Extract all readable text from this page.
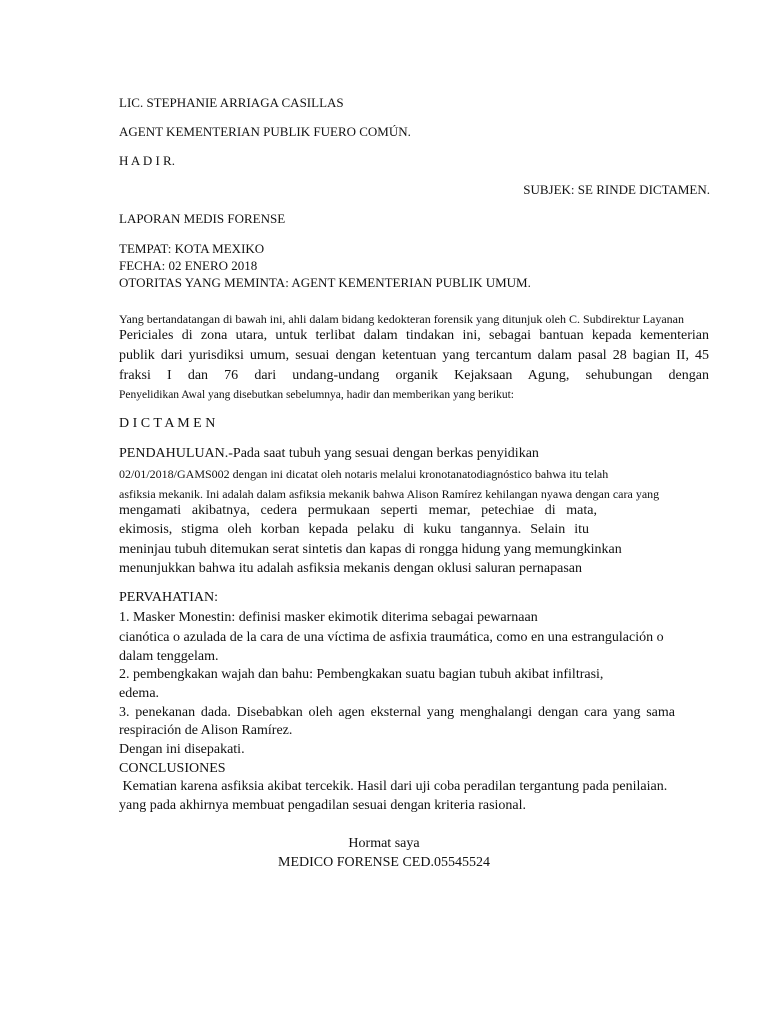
LIC. STEPHANIE ARRIAGA CASILLAS
AGENT KEMENTERIAN PUBLIK FUERO COMÚN.
H A D I R.
SUBJEK: SE RINDE DICTAMEN.
LAPORAN MEDIS FORENSE
TEMPAT: KOTA MEXIKO
FECHA: 02 ENERO 2018
OTORITAS YANG MEMINTA: AGENT KEMENTERIAN PUBLIK UMUM.
Yang bertandatangan di bawah ini, ahli dalam bidang kedokteran forensik yang ditunjuk oleh C. Subdirektur Layanan
Periciales di zona utara, untuk terlibat dalam tindakan ini, sebagai bantuan kepada kementerian
publik dari yurisdiksi umum, sesuai dengan ketentuan yang tercantum dalam pasal 28 bagian II, 45
fraksi I dan 76 dari undang-undang organik Kejaksaan Agung, sehubungan dengan
Penyelidikan Awal yang disebutkan sebelumnya, hadir dan memberikan yang berikut:
D I C T A M E N
PENDAHULUAN.-Pada saat tubuh yang sesuai dengan berkas penyidikan
02/01/2018/GAMS002 dengan ini dicatat oleh notaris melalui kronotanatodiagnóstico bahwa itu telah
asfiksia mekanik. Ini adalah dalam asfiksia mekanik bahwa Alison Ramírez kehilangan nyawa dengan cara yang
mengamati akibatnya, cedera permukaan seperti memar, petechiae di mata,
ekimosis, stigma oleh korban kepada pelaku di kuku tangannya. Selain itu
meninjau tubuh ditemukan serat sintetis dan kapas di rongga hidung yang memungkinkan
menunjukkan bahwa itu adalah asfiksia mekanis dengan oklusi saluran pernapasan
PERVAHATIAN:
1. Masker Monestin: definisi masker ekimotik diterima sebagai pewarnaan
cianótica o azulada de la cara de una víctima de asfixia traumática, como en una estrangulación o
dalam tenggelam.
2. pembengkakan wajah dan bahu: Pembengkakan suatu bagian tubuh akibat infiltrasi,
edema.
3. penekanan dada. Disebabkan oleh agen eksternal yang menghalangi dengan cara yang sama
respiración de Alison Ramírez.
Dengan ini disepakati.
CONCLUSIONES
Kematian karena asfiksia akibat tercekik. Hasil dari uji coba peradilan tergantung pada penilaian.
yang pada akhirnya membuat pengadilan sesuai dengan kriteria rasional.
Hormat saya
MEDICO FORENSE CED.05545524
